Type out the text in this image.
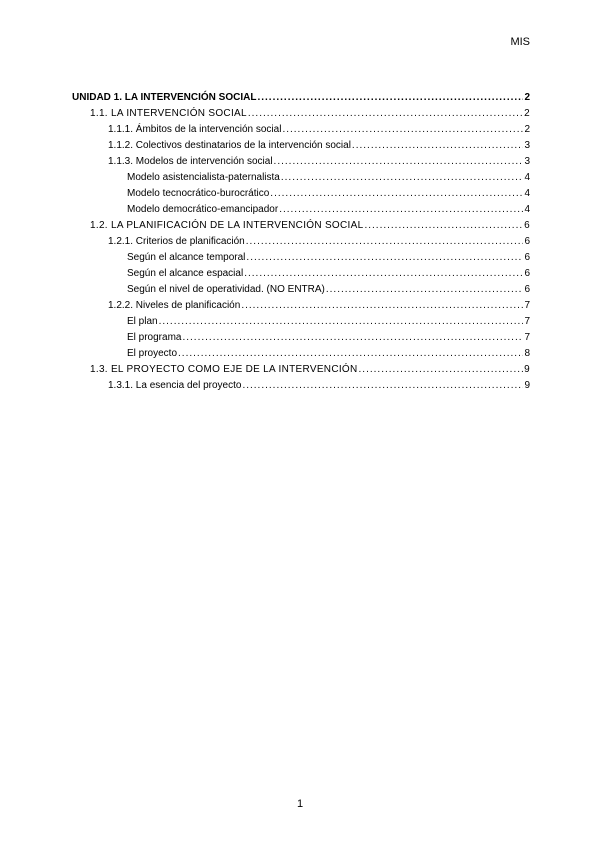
MIS
UNIDAD 1. LA INTERVENCIÓN SOCIAL .....	2
1.1. LA INTERVENCIÓN SOCIAL .....	2
1.1.1. Ámbitos de la intervención social .....	2
1.1.2. Colectivos destinatarios de la intervención social .....	3
1.1.3. Modelos de intervención social .....	3
Modelo asistencialista-paternalista .....	4
Modelo tecnocrático-burocrático .....	4
Modelo democrático-emancipador .....	4
1.2. LA PLANIFICACIÓN DE LA INTERVENCIÓN SOCIAL .....	6
1.2.1. Criterios de planificación .....	6
Según el alcance temporal .....	6
Según el alcance espacial .....	6
Según el nivel de operatividad. (NO ENTRA) .....	6
1.2.2. Niveles de planificación .....	7
El plan .....	7
El programa .....	7
El proyecto .....	8
1.3. EL PROYECTO COMO EJE DE LA INTERVENCIÓN .....	9
1.3.1. La esencia del proyecto .....	9
1
